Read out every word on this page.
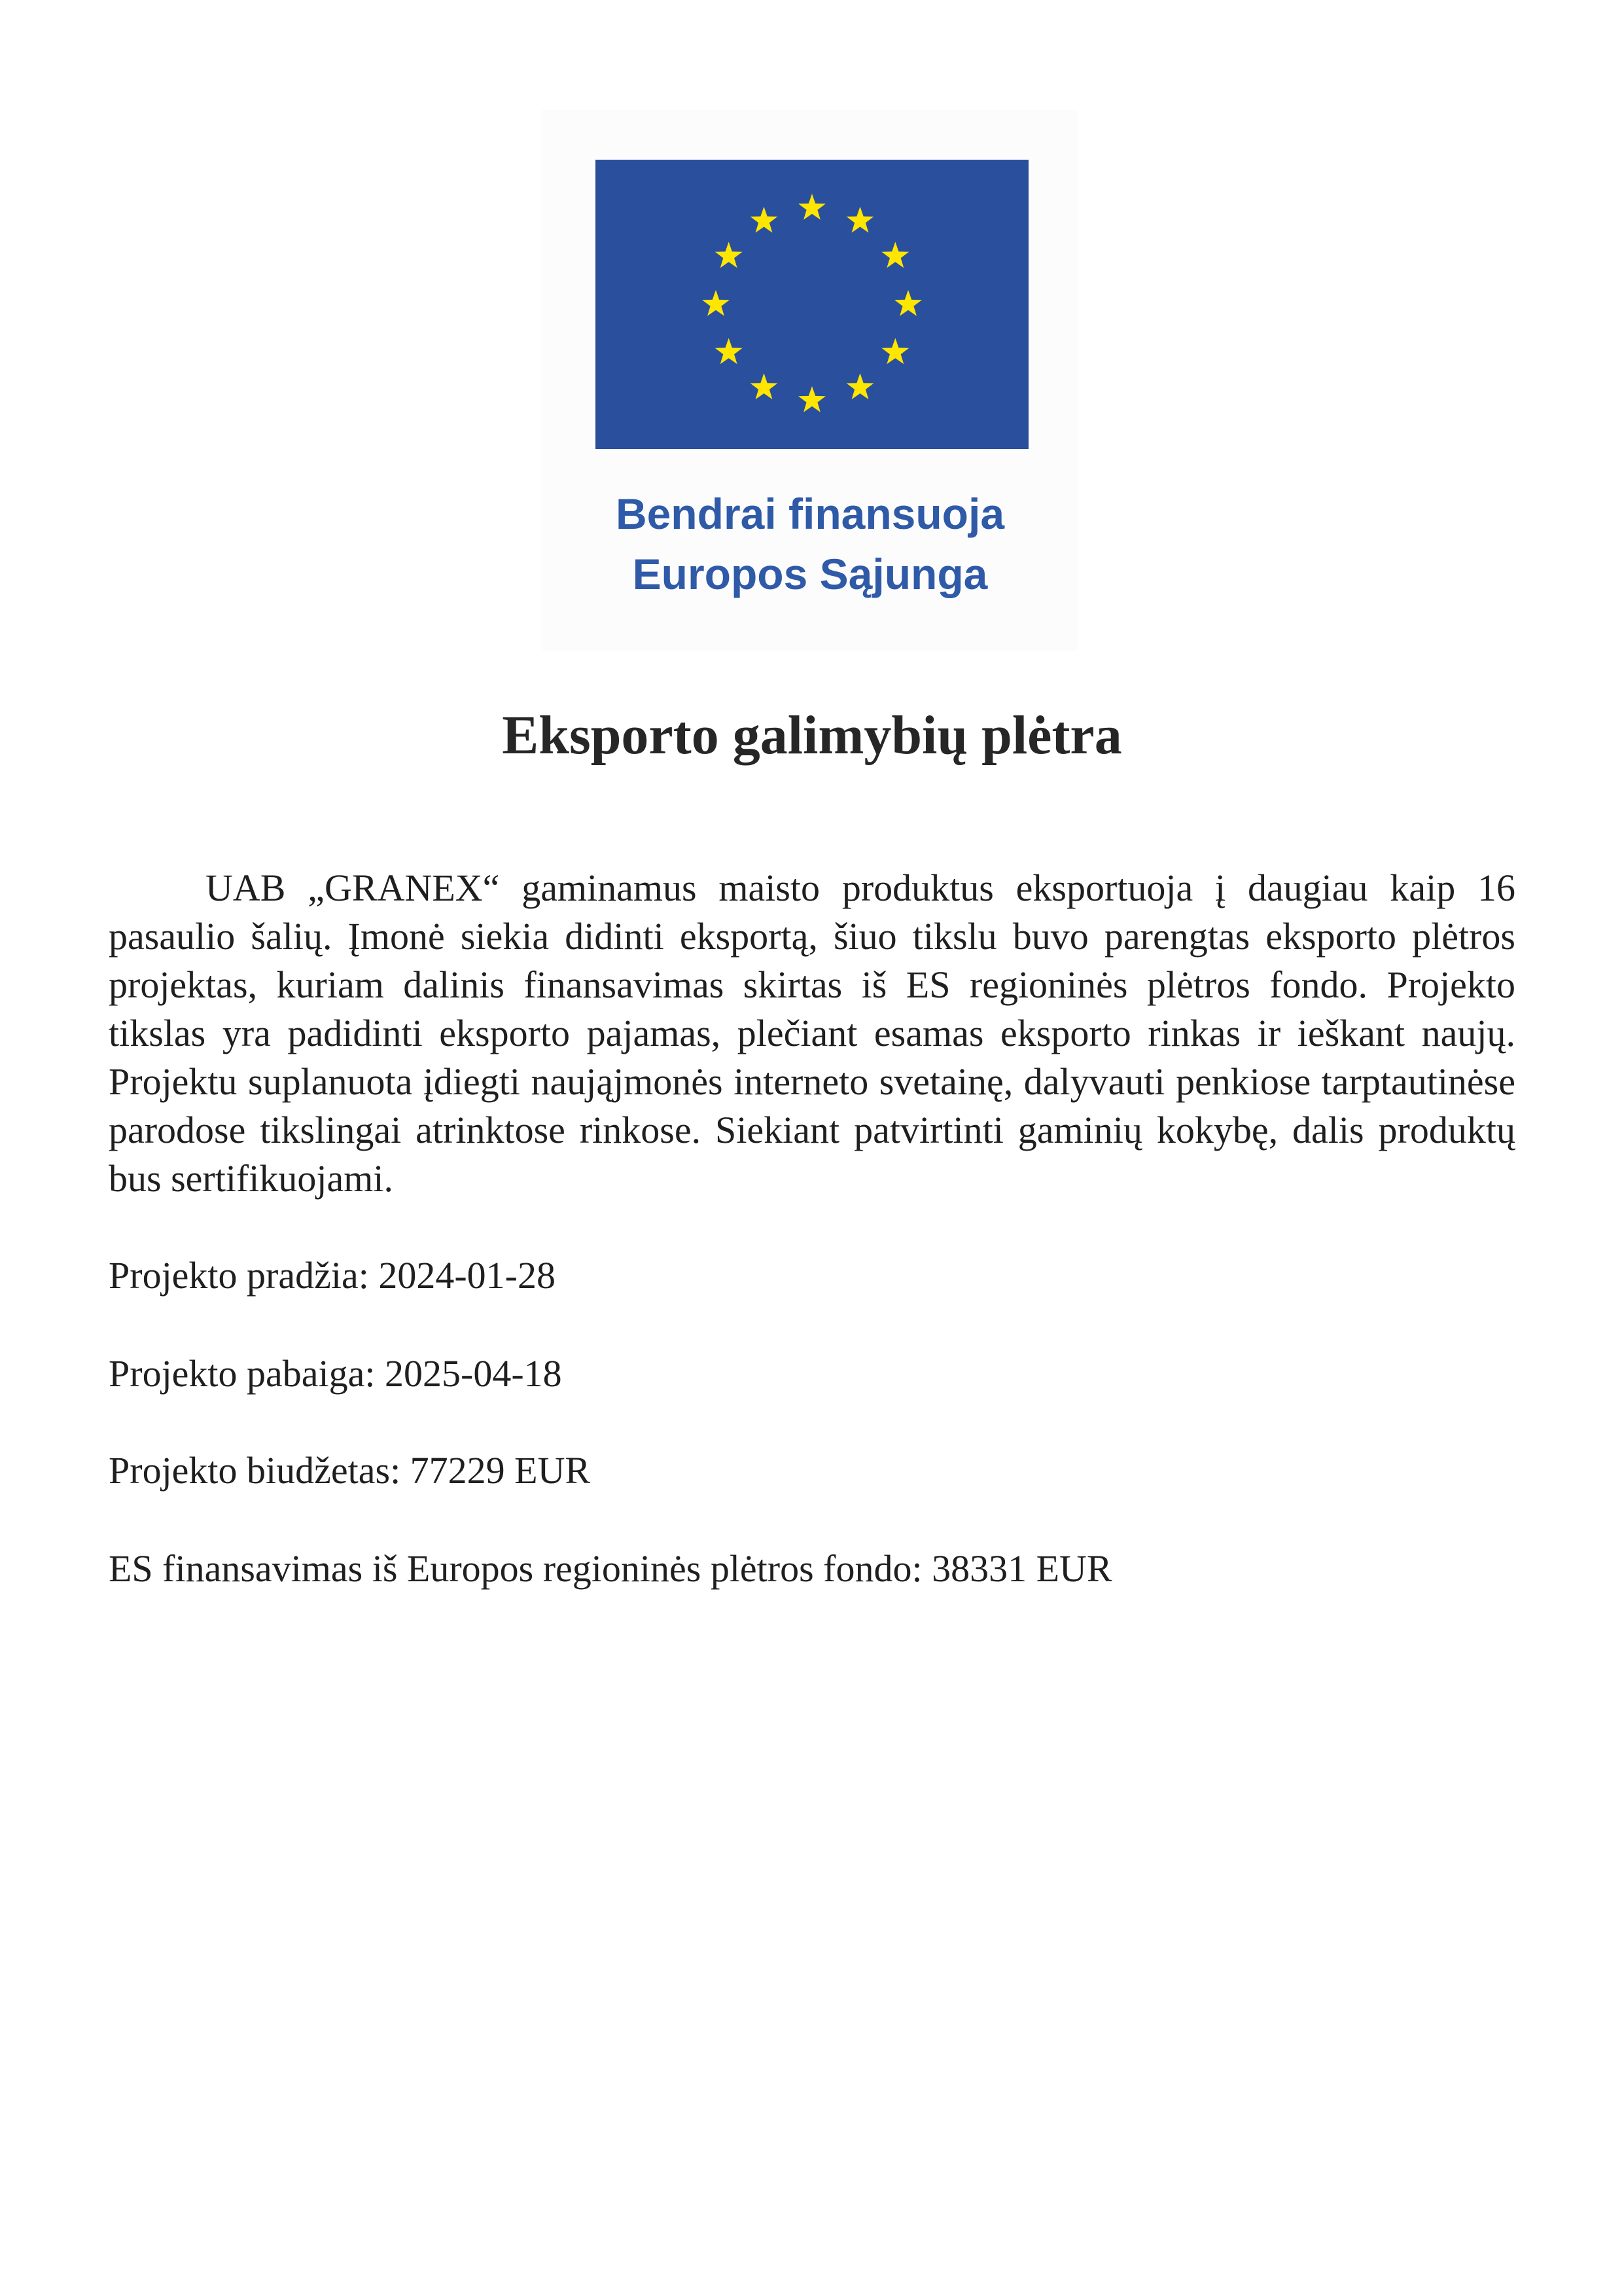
Bendrai finansuoja
Europos Sąjunga
Eksporto galimybių plėtra

UAB „GRANEX“ gaminamus maisto produktus eksportuoja į daugiau kaip 16 pasaulio šalių. Įmonė siekia didinti eksportą, šiuo tikslu buvo parengtas eksporto plėtros projektas, kuriam dalinis finansavimas skirtas iš ES regioninės plėtros fondo. Projekto tikslas yra padidinti eksporto pajamas, plečiant esamas eksporto rinkas ir ieškant naujų. Projektu suplanuota įdiegti naująjmonės interneto svetainę, dalyvauti penkiose tarptautinėse parodose tikslingai atrinktose rinkose. Siekiant patvirtinti gaminių kokybę, dalis produktų bus sertifikuojami.

Projekto pradžia: 2024-01-28

Projekto pabaiga: 2025-04-18

Projekto biudžetas: 77229 EUR

ES finansavimas iš Europos regioninės plėtros fondo: 38331 EUR
